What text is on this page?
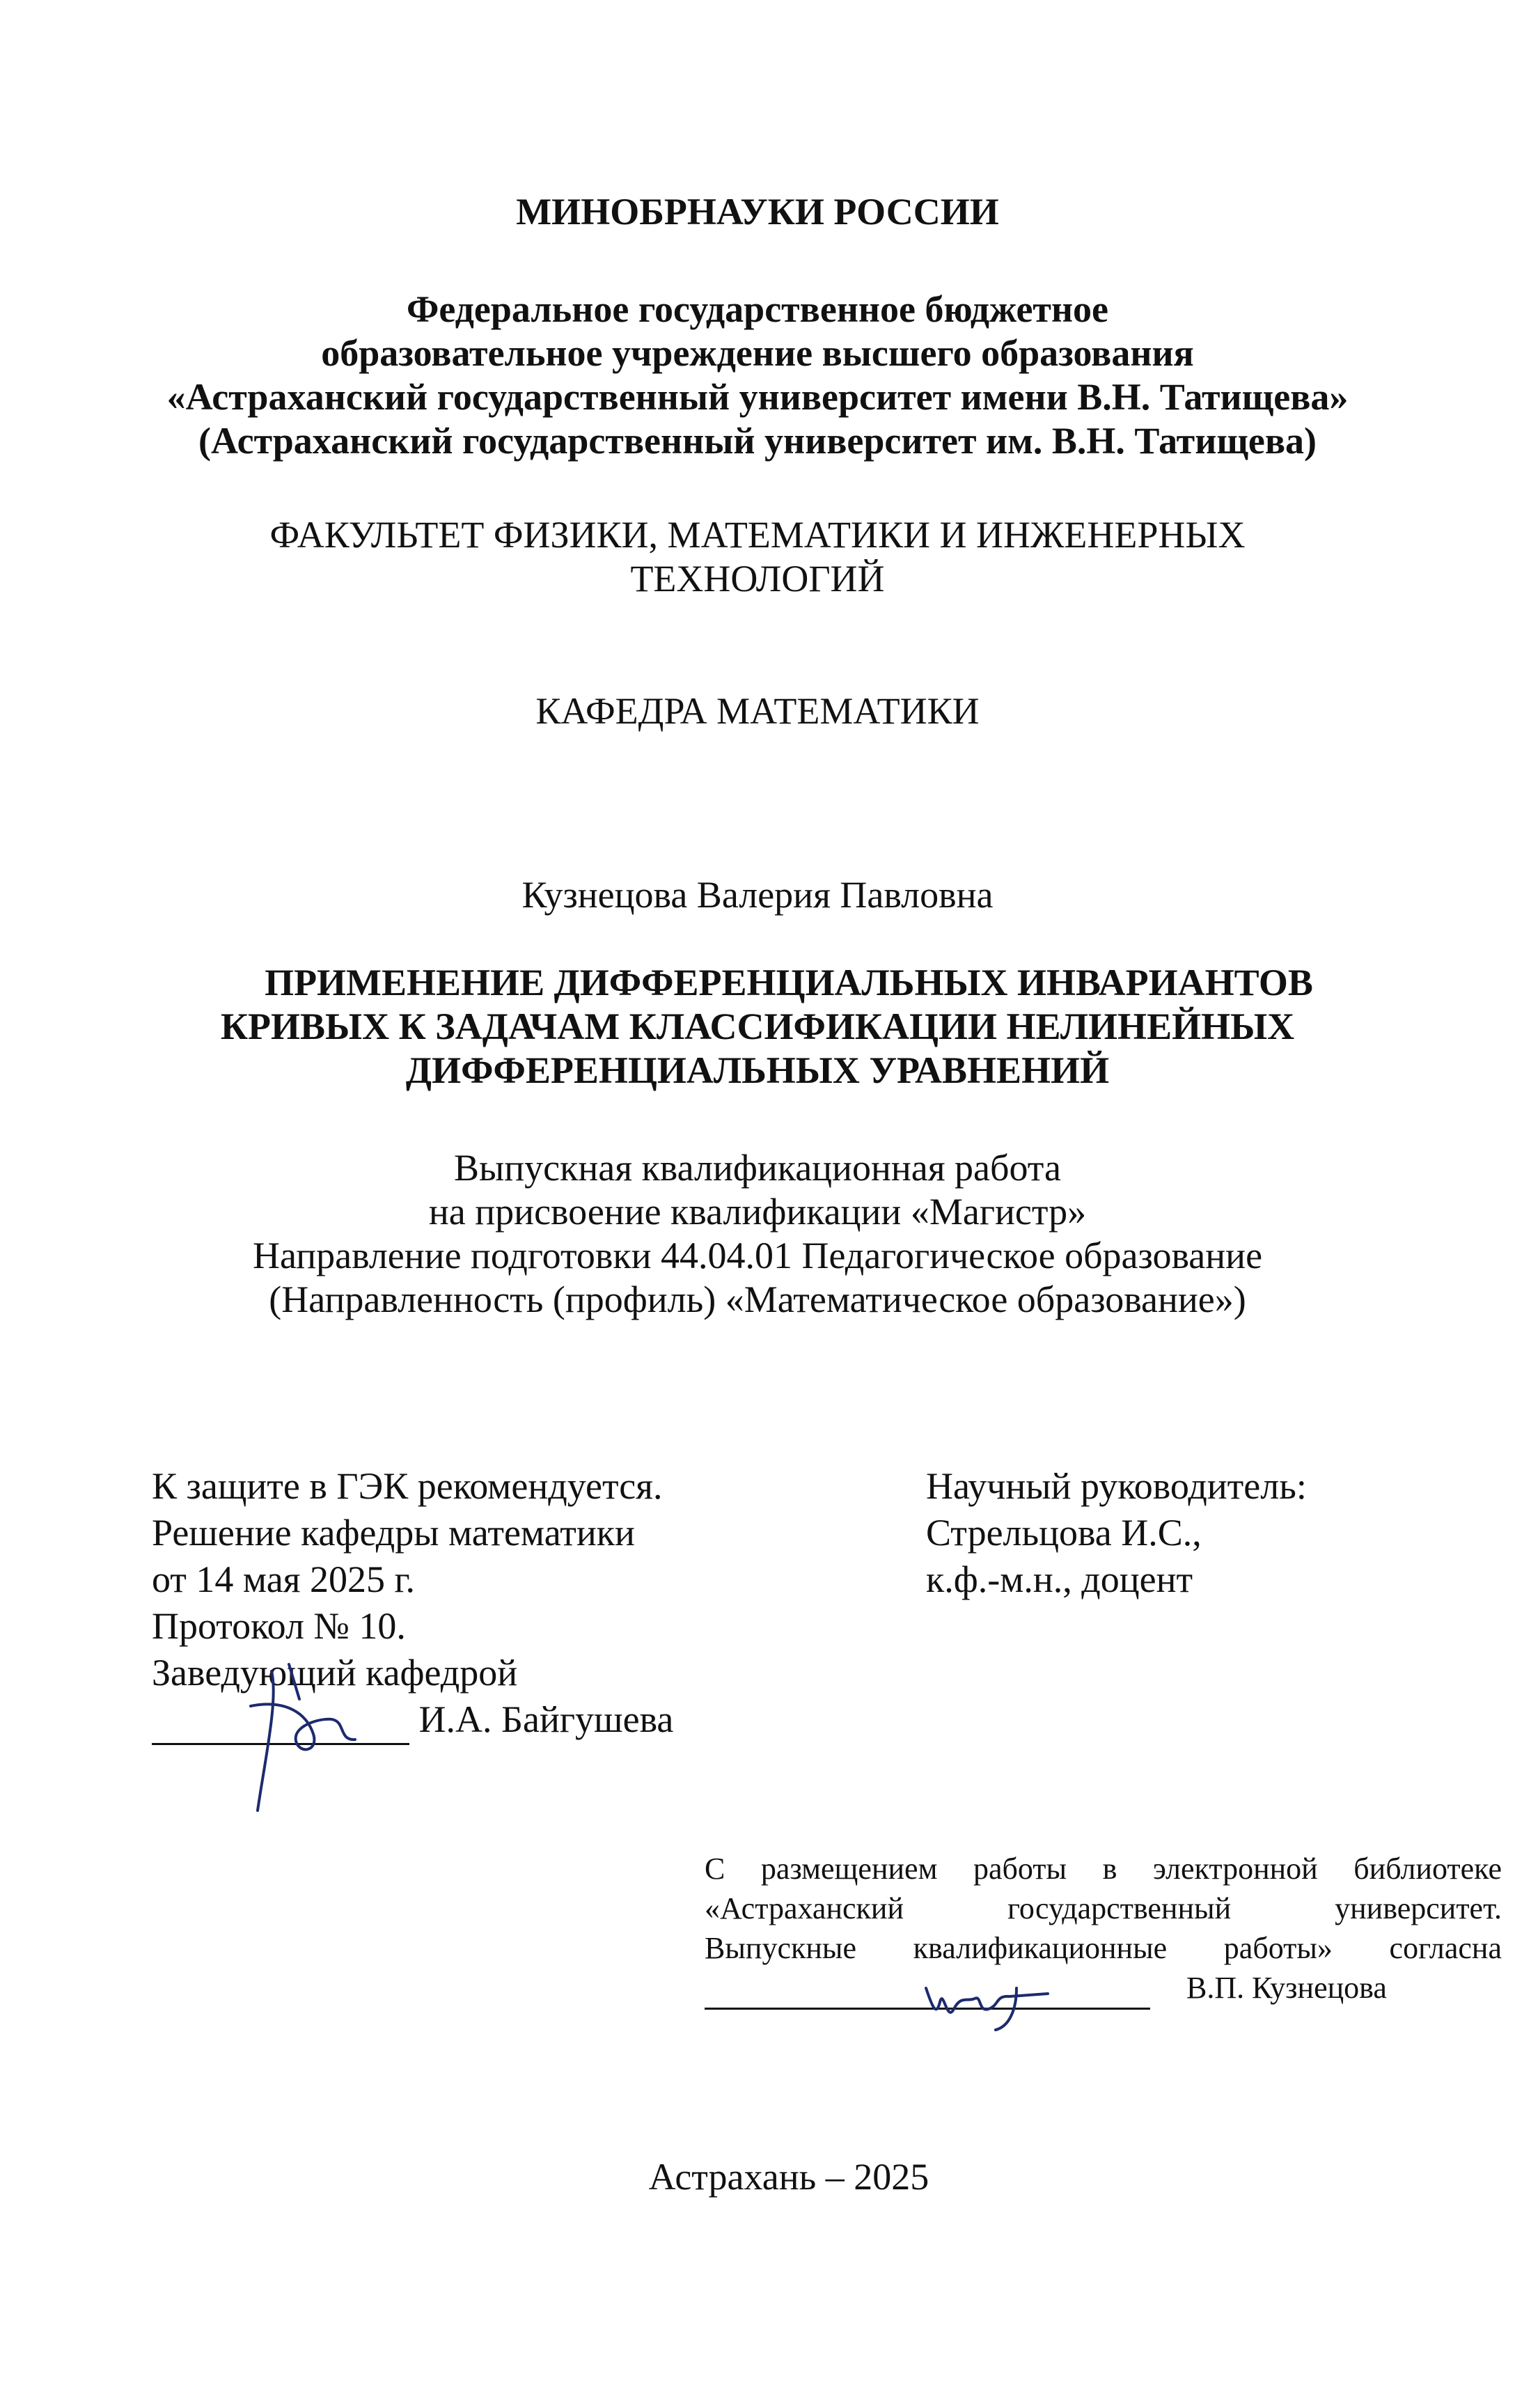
МИНОБРНАУКИ РОССИИ
Федеральное государственное бюджетное
образовательное учреждение высшего образования
«Астраханский государственный университет имени В.Н. Татищева»
(Астраханский государственный университет им. В.Н. Татищева)
ФАКУЛЬТЕТ ФИЗИКИ, МАТЕМАТИКИ И ИНЖЕНЕРНЫХ
ТЕХНОЛОГИЙ
КАФЕДРА МАТЕМАТИКИ
Кузнецова Валерия Павловна
ПРИМЕНЕНИЕ ДИФФЕРЕНЦИАЛЬНЫХ ИНВАРИАНТОВ
КРИВЫХ К ЗАДАЧАМ КЛАССИФИКАЦИИ НЕЛИНЕЙНЫХ
ДИФФЕРЕНЦИАЛЬНЫХ УРАВНЕНИЙ
Выпускная квалификационная работа
на присвоение квалификации «Магистр»
Направление подготовки 44.04.01 Педагогическое образование
(Направленность (профиль) «Математическое образование»)
К защите в ГЭК рекомендуется.
Решение кафедры математики
от 14 мая 2025 г.
Протокол № 10.
Заведующий кафедрой
И.А. Байгушева
Научный руководитель:
Стрельцова И.С.,
к.ф.-м.н., доцент
С размещением работы в электронной библиотеке
«Астраханский государственный университет.
Выпускные квалификационные работы» согласна
В.П. Кузнецова
Астрахань – 2025
